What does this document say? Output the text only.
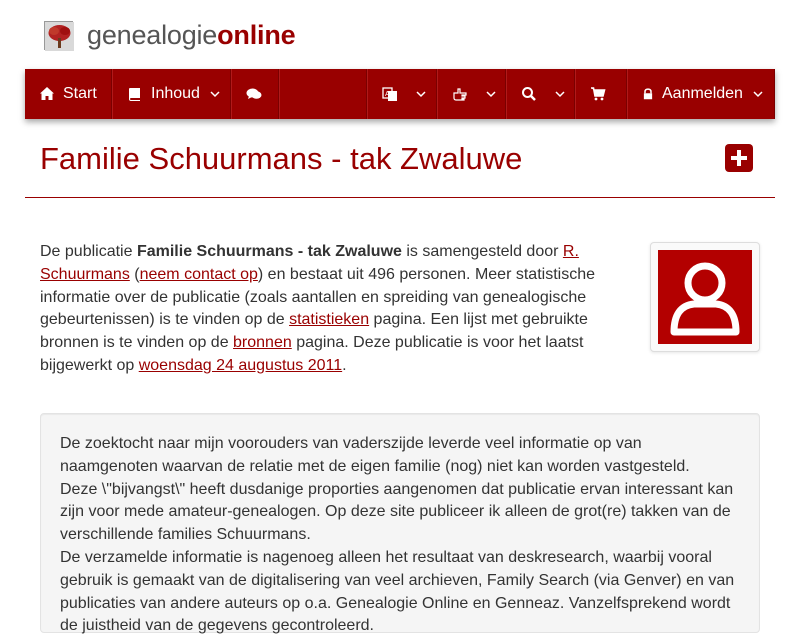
genealogieonline
Start	Inhoud	A	Aanmelden
Familie Schuurmans - tak Zwaluwe

De publicatie Familie Schuurmans - tak Zwaluwe is samengesteld door R. Schuurmans (neem contact op) en bestaat uit 496 personen. Meer statistische informatie over de publicatie (zoals aantallen en spreiding van genealogische gebeurtenissen) is te vinden op de statistieken pagina. Een lijst met gebruikte bronnen is te vinden op de bronnen pagina. Deze publicatie is voor het laatst bijgewerkt op woensdag 24 augustus 2011.

De zoektocht naar mijn voorouders van vaderszijde leverde veel informatie op van naamgenoten waarvan de relatie met de eigen familie (nog) niet kan worden vastgesteld.
Deze \"bijvangst\" heeft dusdanige proporties aangenomen dat publicatie ervan interessant kan zijn voor mede amateur-genealogen. Op deze site publiceer ik alleen de grot(re) takken van de verschillende families Schuurmans.
De verzamelde informatie is nagenoeg alleen het resultaat van deskresearch, waarbij vooral gebruik is gemaakt van de digitalisering van veel archieven, Family Search (via Genver) en van publicaties van andere auteurs op o.a. Genealogie Online en Genneaz. Vanzelfsprekend wordt de juistheid van de gegevens gecontroleerd.
